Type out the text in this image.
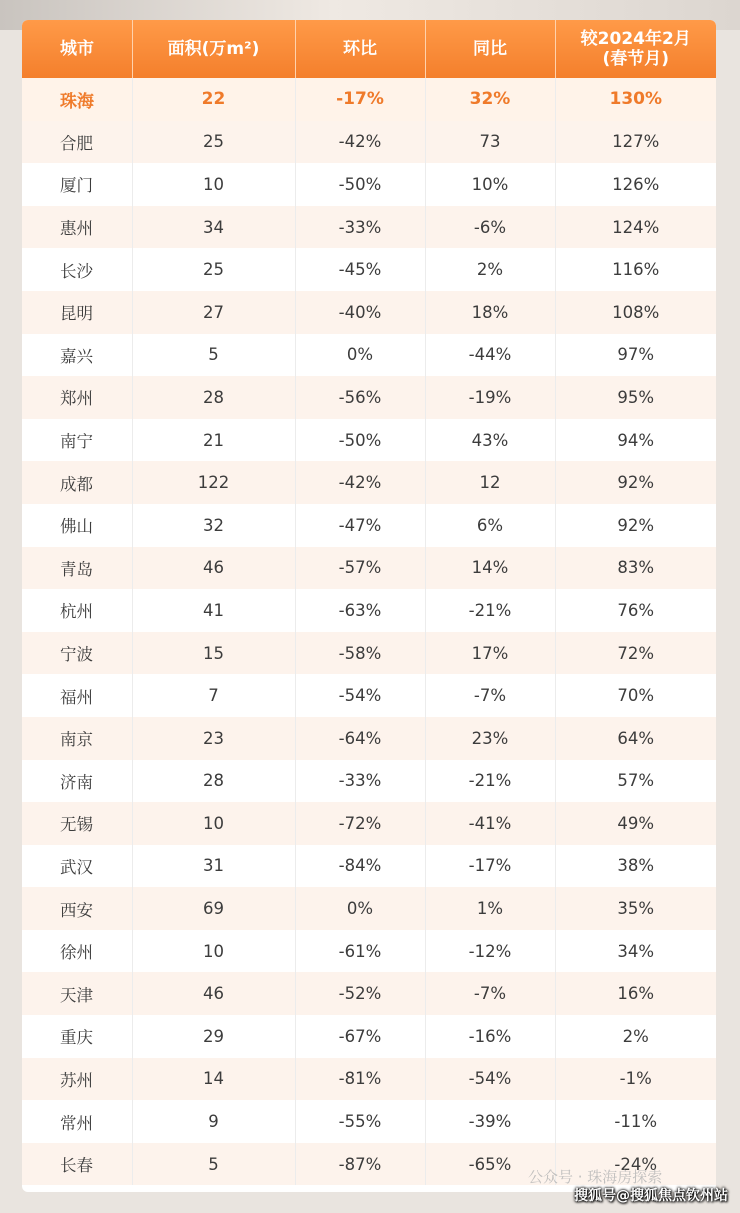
城市	面积(万m²)	环比	同比	较2024年2月
(春节月)
珠海	22	-17%	32%	130%
合肥	25	-42%	73	127%
厦门	10	-50%	10%	126%
惠州	34	-33%	-6%	124%
长沙	25	-45%	2%	116%
昆明	27	-40%	18%	108%
嘉兴	5	0%	-44%	97%
郑州	28	-56%	-19%	95%
南宁	21	-50%	43%	94%
成都	122	-42%	12	92%
佛山	32	-47%	6%	92%
青岛	46	-57%	14%	83%
杭州	41	-63%	-21%	76%
宁波	15	-58%	17%	72%
福州	7	-54%	-7%	70%
南京	23	-64%	23%	64%
济南	28	-33%	-21%	57%
无锡	10	-72%	-41%	49%
武汉	31	-84%	-17%	38%
西安	69	0%	1%	35%
徐州	10	-61%	-12%	34%
天津	46	-52%	-7%	16%
重庆	29	-67%	-16%	2%
苏州	14	-81%	-54%	-1%
常州	9	-55%	-39%	-11%
长春	5	-87%	-65%	-24%
公众号 · 珠海房探索
搜狐号@搜狐焦点钦州站
